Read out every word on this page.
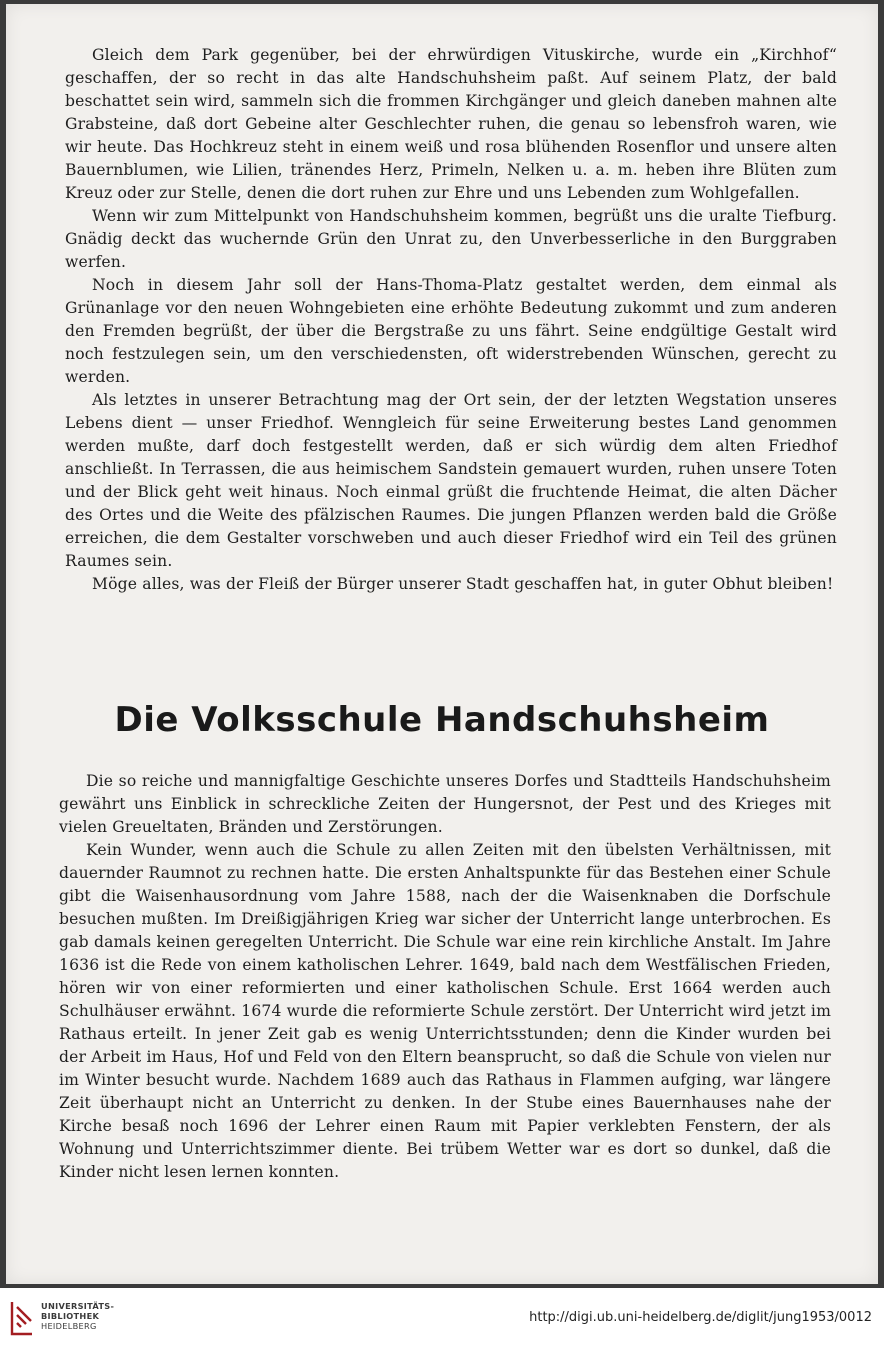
Gleich dem Park gegenüber, bei der ehrwürdigen Vituskirche, wurde ein „Kirchhof“ geschaffen, der so recht in das alte Handschuhsheim paßt. Auf seinem Platz, der bald beschattet sein wird, sammeln sich die frommen Kirchgänger und gleich daneben mahnen alte Grabsteine, daß dort Gebeine alter Geschlechter ruhen, die genau so lebensfroh waren, wie wir heute. Das Hochkreuz steht in einem weiß und rosa blühenden Rosenflor und unsere alten Bauernblumen, wie Lilien, tränendes Herz, Primeln, Nelken u. a. m. heben ihre Blüten zum Kreuz oder zur Stelle, denen die dort ruhen zur Ehre und uns Lebenden zum Wohlgefallen.

Wenn wir zum Mittelpunkt von Handschuhsheim kommen, begrüßt uns die uralte Tiefburg. Gnädig deckt das wuchernde Grün den Unrat zu, den Unverbesserliche in den Burggraben werfen.

Noch in diesem Jahr soll der Hans-Thoma-Platz gestaltet werden, dem einmal als Grünanlage vor den neuen Wohngebieten eine erhöhte Bedeutung zukommt und zum anderen den Fremden begrüßt, der über die Bergstraße zu uns fährt. Seine endgültige Gestalt wird noch festzulegen sein, um den verschiedensten, oft widerstrebenden Wünschen, gerecht zu werden.

Als letztes in unserer Betrachtung mag der Ort sein, der der letzten Wegstation unseres Lebens dient — unser Friedhof. Wenngleich für seine Erweiterung bestes Land genommen werden mußte, darf doch festgestellt werden, daß er sich würdig dem alten Friedhof anschließt. In Terrassen, die aus heimischem Sandstein gemauert wurden, ruhen unsere Toten und der Blick geht weit hinaus. Noch einmal grüßt die fruchtende Heimat, die alten Dächer des Ortes und die Weite des pfälzischen Raumes. Die jungen Pflanzen werden bald die Größe erreichen, die dem Gestalter vorschweben und auch dieser Friedhof wird ein Teil des grünen Raumes sein.

Möge alles, was der Fleiß der Bürger unserer Stadt geschaffen hat, in guter Obhut bleiben!

Die Volksschule Handschuhsheim

Die so reiche und mannigfaltige Geschichte unseres Dorfes und Stadtteils Handschuhsheim gewährt uns Einblick in schreckliche Zeiten der Hungersnot, der Pest und des Krieges mit vielen Greueltaten, Bränden und Zerstörungen.

Kein Wunder, wenn auch die Schule zu allen Zeiten mit den übelsten Verhältnissen, mit dauernder Raumnot zu rechnen hatte. Die ersten Anhaltspunkte für das Bestehen einer Schule gibt die Waisenhausordnung vom Jahre 1588, nach der die Waisenknaben die Dorfschule besuchen mußten. Im Dreißigjährigen Krieg war sicher der Unterricht lange unterbrochen. Es gab damals keinen geregelten Unterricht. Die Schule war eine rein kirchliche Anstalt. Im Jahre 1636 ist die Rede von einem katholischen Lehrer. 1649, bald nach dem Westfälischen Frieden, hören wir von einer reformierten und einer katholischen Schule. Erst 1664 werden auch Schulhäuser erwähnt. 1674 wurde die reformierte Schule zerstört. Der Unterricht wird jetzt im Rathaus erteilt. In jener Zeit gab es wenig Unterrichtsstunden; denn die Kinder wurden bei der Arbeit im Haus, Hof und Feld von den Eltern beansprucht, so daß die Schule von vielen nur im Winter besucht wurde. Nachdem 1689 auch das Rathaus in Flammen aufging, war längere Zeit überhaupt nicht an Unterricht zu denken. In der Stube eines Bauernhauses nahe der Kirche besaß noch 1696 der Lehrer einen Raum mit Papier verklebten Fenstern, der als Wohnung und Unterrichtszimmer diente. Bei trübem Wetter war es dort so dunkel, daß die Kinder nicht lesen lernen konnten.

UNIVERSITÄTS-
BIBLIOTHEK
HEIDELBERG
http://digi.ub.uni-heidelberg.de/diglit/jung1953/0012
